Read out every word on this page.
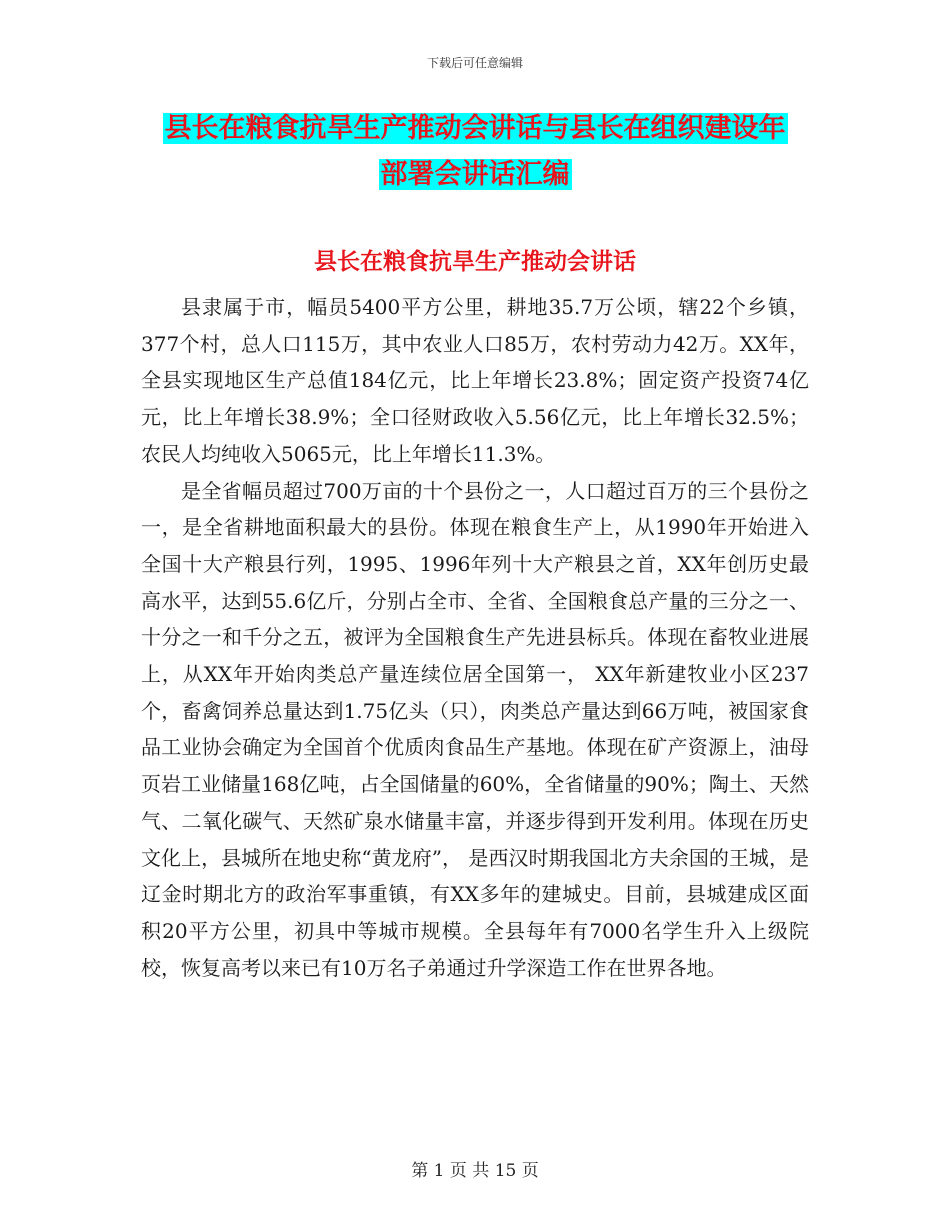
下载后可任意编辑
县长在粮食抗旱生产推动会讲话与县长在组织建设年
部署会讲话汇编
县长在粮食抗旱生产推动会讲话

县隶属于市，幅员5400平方公里，耕地35.7万公顷，辖22个乡镇，377个村，总人口115万，其中农业人口85万，农村劳动力42万。XX年，全县实现地区生产总值184亿元，比上年增长23.8%；固定资产投资74亿元，比上年增长38.9%；全口径财政收入5.56亿元，比上年增长32.5%；农民人均纯收入5065元，比上年增长11.3%。

是全省幅员超过700万亩的十个县份之一，人口超过百万的三个县份之一，是全省耕地面积最大的县份。体现在粮食生产上，从1990年开始进入全国十大产粮县行列，1995、1996年列十大产粮县之首，XX年创历史最高水平，达到55.6亿斤，分别占全市、全省、全国粮食总产量的三分之一、十分之一和千分之五，被评为全国粮食生产先进县标兵。体现在畜牧业进展上，从XX年开始肉类总产量连续位居全国第一， XX年新建牧业小区237个，畜禽饲养总量达到1.75亿头（只），肉类总产量达到66万吨，被国家食品工业协会确定为全国首个优质肉食品生产基地。体现在矿产资源上，油母页岩工业储量168亿吨，占全国储量的60%，全省储量的90%；陶土、天然气、二氧化碳气、天然矿泉水储量丰富，并逐步得到开发利用。体现在历史文化上，县城所在地史称“黄龙府”， 是西汉时期我国北方夫余国的王城，是辽金时期北方的政治军事重镇，有XX多年的建城史。目前，县城建成区面积20平方公里，初具中等城市规模。全县每年有7000名学生升入上级院校，恢复高考以来已有10万名子弟通过升学深造工作在世界各地。

第 1 页 共 15 页
